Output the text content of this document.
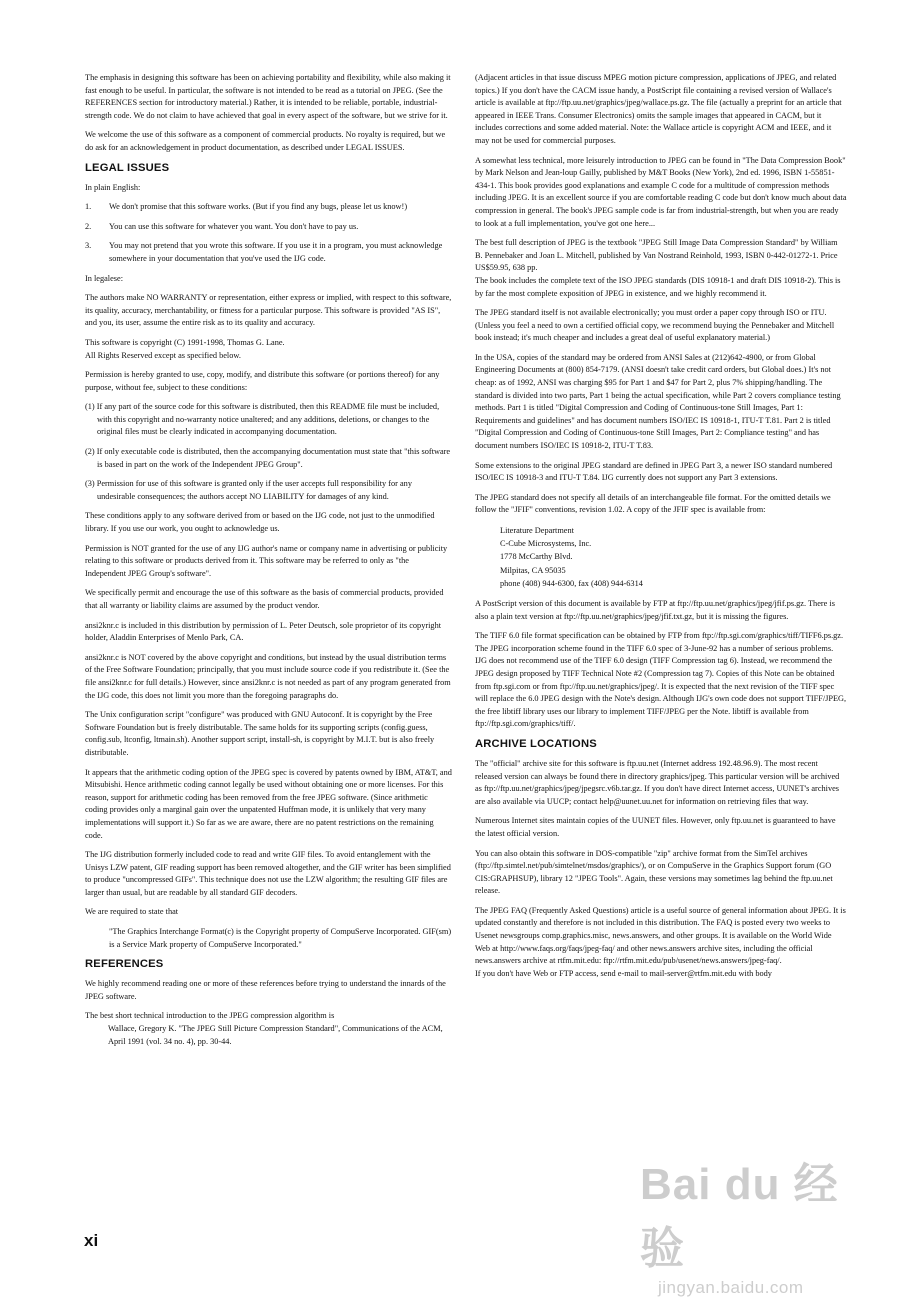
The emphasis in designing this software has been on achieving portability and flexibility, while also making it fast enough to be useful. In particular, the software is not intended to be read as a tutorial on JPEG. (See the REFERENCES section for introductory material.) Rather, it is intended to be reliable, portable, industrial-strength code. We do not claim to have achieved that goal in every aspect of the software, but we strive for it.

We welcome the use of this software as a component of commercial products. No royalty is required, but we do ask for an acknowledgement in product documentation, as described under LEGAL ISSUES.

LEGAL ISSUES

In plain English:

1. We don't promise that this software works. (But if you find any bugs, please let us know!)
2. You can use this software for whatever you want. You don't have to pay us.
3. You may not pretend that you wrote this software. If you use it in a program, you must acknowledge somewhere in your documentation that you've used the IJG code.

In legalese:

The authors make NO WARRANTY or representation, either express or implied, with respect to this software, its quality, accuracy, merchantability, or fitness for a particular purpose. This software is provided "AS IS", and you, its user, assume the entire risk as to its quality and accuracy.

This software is copyright (C) 1991-1998, Thomas G. Lane.

All Rights Reserved except as specified below.

Permission is hereby granted to use, copy, modify, and distribute this software (or portions thereof) for any purpose, without fee, subject to these conditions:

(1) If any part of the source code for this software is distributed, then this README file must be included, with this copyright and no-warranty notice unaltered; and any additions, deletions, or changes to the original files must be clearly indicated in accompanying documentation.

(2) If only executable code is distributed, then the accompanying documentation must state that "this software is based in part on the work of the Independent JPEG Group".

(3) Permission for use of this software is granted only if the user accepts full responsibility for any undesirable consequences; the authors accept NO LIABILITY for damages of any kind.

These conditions apply to any software derived from or based on the IJG code, not just to the unmodified library. If you use our work, you ought to acknowledge us.

Permission is NOT granted for the use of any IJG author's name or company name in advertising or publicity relating to this software or products derived from it. This software may be referred to only as "the Independent JPEG Group's software".

We specifically permit and encourage the use of this software as the basis of commercial products, provided that all warranty or liability claims are assumed by the product vendor.

ansi2knr.c is included in this distribution by permission of L. Peter Deutsch, sole proprietor of its copyright holder, Aladdin Enterprises of Menlo Park, CA.

ansi2knr.c is NOT covered by the above copyright and conditions, but instead by the usual distribution terms of the Free Software Foundation; principally, that you must include source code if you redistribute it. (See the file ansi2knr.c for full details.) However, since ansi2knr.c is not needed as part of any program generated from the IJG code, this does not limit you more than the foregoing paragraphs do.

The Unix configuration script "configure" was produced with GNU Autoconf. It is copyright by the Free Software Foundation but is freely distributable. The same holds for its supporting scripts (config.guess, config.sub, ltconfig, ltmain.sh). Another support script, install-sh, is copyright by M.I.T. but is also freely distributable.

It appears that the arithmetic coding option of the JPEG spec is covered by patents owned by IBM, AT&T, and Mitsubishi. Hence arithmetic coding cannot legally be used without obtaining one or more licenses. For this reason, support for arithmetic coding has been removed from the free JPEG software. (Since arithmetic coding provides only a marginal gain over the unpatented Huffman mode, it is unlikely that very many implementations will support it.) So far as we are aware, there are no patent restrictions on the remaining code.

The IJG distribution formerly included code to read and write GIF files. To avoid entanglement with the Unisys LZW patent, GIF reading support has been removed altogether, and the GIF writer has been simplified to produce "uncompressed GIFs". This technique does not use the LZW algorithm; the resulting GIF files are larger than usual, but are readable by all standard GIF decoders.

We are required to state that

"The Graphics Interchange Format(c) is the Copyright property of CompuServe Incorporated. GIF(sm) is a Service Mark property of CompuServe Incorporated."

REFERENCES

We highly recommend reading one or more of these references before trying to understand the innards of the JPEG software.

The best short technical introduction to the JPEG compression algorithm is

Wallace, Gregory K. "The JPEG Still Picture Compression Standard", Communications of the ACM, April 1991 (vol. 34 no. 4), pp. 30-44.

(Adjacent articles in that issue discuss MPEG motion picture compression, applications of JPEG, and related topics.) If you don't have the CACM issue handy, a PostScript file containing a revised version of Wallace's article is available at ftp://ftp.uu.net/graphics/jpeg/wallace.ps.gz. The file (actually a preprint for an article that appeared in IEEE Trans. Consumer Electronics) omits the sample images that appeared in CACM, but it includes corrections and some added material. Note: the Wallace article is copyright ACM and IEEE, and it may not be used for commercial purposes.

A somewhat less technical, more leisurely introduction to JPEG can be found in "The Data Compression Book" by Mark Nelson and Jean-loup Gailly, published by M&T Books (New York), 2nd ed. 1996, ISBN 1-55851-434-1. This book provides good explanations and example C code for a multitude of compression methods including JPEG. It is an excellent source if you are comfortable reading C code but don't know much about data compression in general. The book's JPEG sample code is far from industrial-strength, but when you are ready to look at a full implementation, you've got one here...

The best full description of JPEG is the textbook "JPEG Still Image Data Compression Standard" by William B. Pennebaker and Joan L. Mitchell, published by Van Nostrand Reinhold, 1993, ISBN 0-442-01272-1. Price US$59.95, 638 pp.

The book includes the complete text of the ISO JPEG standards (DIS 10918-1 and draft DIS 10918-2). This is by far the most complete exposition of JPEG in existence, and we highly recommend it.

The JPEG standard itself is not available electronically; you must order a paper copy through ISO or ITU. (Unless you feel a need to own a certified official copy, we recommend buying the Pennebaker and Mitchell book instead; it's much cheaper and includes a great deal of useful explanatory material.)

In the USA, copies of the standard may be ordered from ANSI Sales at (212)642-4900, or from Global Engineering Documents at (800) 854-7179. (ANSI doesn't take credit card orders, but Global does.) It's not cheap: as of 1992, ANSI was charging $95 for Part 1 and $47 for Part 2, plus 7% shipping/handling. The standard is divided into two parts, Part 1 being the actual specification, while Part 2 covers compliance testing methods. Part 1 is titled "Digital Compression and Coding of Continuous-tone Still Images, Part 1: Requirements and guidelines" and has document numbers ISO/IEC IS 10918-1, ITU-T T.81. Part 2 is titled "Digital Compression and Coding of Continuous-tone Still Images, Part 2: Compliance testing" and has document numbers ISO/IEC IS 10918-2, ITU-T T.83.

Some extensions to the original JPEG standard are defined in JPEG Part 3, a newer ISO standard numbered ISO/IEC IS 10918-3 and ITU-T T.84. IJG currently does not support any Part 3 extensions.

The JPEG standard does not specify all details of an interchangeable file format. For the omitted details we follow the "JFIF" conventions, revision 1.02. A copy of the JFIF spec is available from:

Literature Department
C-Cube Microsystems, Inc.
1778 McCarthy Blvd.
Milpitas, CA 95035
phone (408) 944-6300, fax (408) 944-6314

A PostScript version of this document is available by FTP at ftp://ftp.uu.net/graphics/jpeg/jfif.ps.gz. There is also a plain text version at ftp://ftp.uu.net/graphics/jpeg/jfif.txt.gz, but it is missing the figures.

The TIFF 6.0 file format specification can be obtained by FTP from ftp://ftp.sgi.com/graphics/tiff/TIFF6.ps.gz. The JPEG incorporation scheme found in the TIFF 6.0 spec of 3-June-92 has a number of serious problems. IJG does not recommend use of the TIFF 6.0 design (TIFF Compression tag 6). Instead, we recommend the JPEG design proposed by TIFF Technical Note #2 (Compression tag 7). Copies of this Note can be obtained from ftp.sgi.com or from ftp://ftp.uu.net/graphics/jpeg/. It is expected that the next revision of the TIFF spec will replace the 6.0 JPEG design with the Note's design. Although IJG's own code does not support TIFF/JPEG, the free libtiff library uses our library to implement TIFF/JPEG per the Note. libtiff is available from ftp://ftp.sgi.com/graphics/tiff/.

ARCHIVE LOCATIONS

The "official" archive site for this software is ftp.uu.net (Internet address 192.48.96.9). The most recent released version can always be found there in directory graphics/jpeg. This particular version will be archived as ftp://ftp.uu.net/graphics/jpeg/jpegsrc.v6b.tar.gz. If you don't have direct Internet access, UUNET's archives are also available via UUCP; contact help@uunet.uu.net for information on retrieving files that way.

Numerous Internet sites maintain copies of the UUNET files. However, only ftp.uu.net is guaranteed to have the latest official version.

You can also obtain this software in DOS-compatible "zip" archive format from the SimTel archives (ftp://ftp.simtel.net/pub/simtelnet/msdos/graphics/), or on CompuServe in the Graphics Support forum (GO CIS:GRAPHSUP), library 12 "JPEG Tools". Again, these versions may sometimes lag behind the ftp.uu.net release.

The JPEG FAQ (Frequently Asked Questions) article is a useful source of general information about JPEG. It is updated constantly and therefore is not included in this distribution. The FAQ is posted every two weeks to Usenet newsgroups comp.graphics.misc, news.answers, and other groups. It is available on the World Wide Web at http://www.faqs.org/faqs/jpeg-faq/ and other news.answers archive sites, including the official news.answers archive at rtfm.mit.edu: ftp://rtfm.mit.edu/pub/usenet/news.answers/jpeg-faq/.

If you don't have Web or FTP access, send e-mail to mail-server@rtfm.mit.edu with body

xi
Bai du 经验
jingyan.baidu.com
